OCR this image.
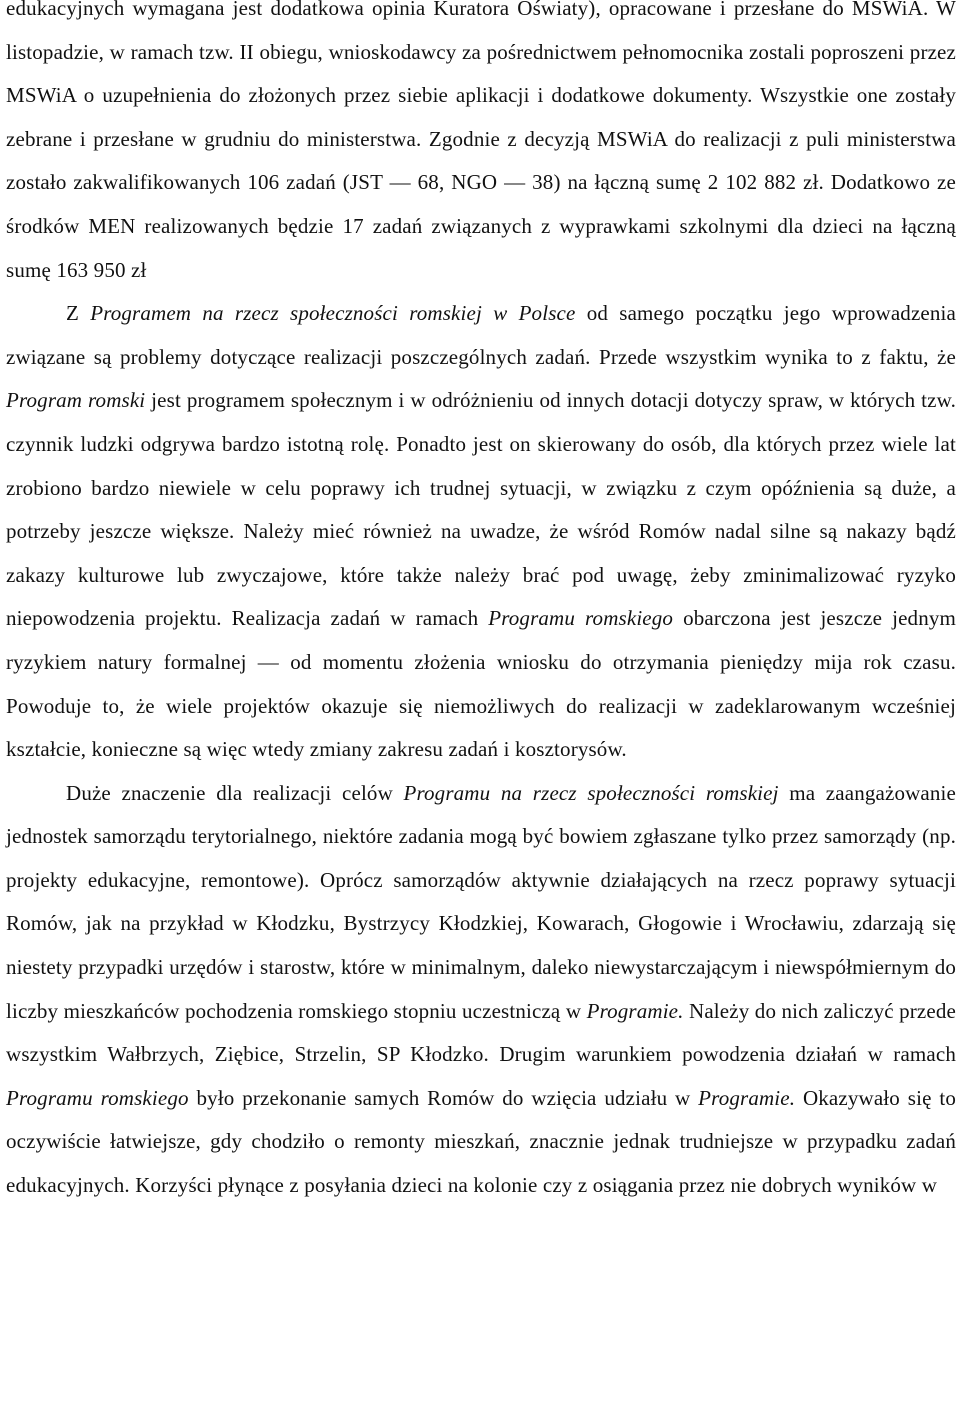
edukacyjnych wymagana jest dodatkowa opinia Kuratora Oświaty), opracowane i przesłane do MSWiA. W listopadzie, w ramach tzw. II obiegu, wnioskodawcy za pośrednictwem pełnomocnika zostali poproszeni przez MSWiA o uzupełnienia do złożonych przez siebie aplikacji i dodatkowe dokumenty. Wszystkie one zostały zebrane i przesłane w grudniu do ministerstwa. Zgodnie z decyzją MSWiA do realizacji z puli ministerstwa zostało zakwalifikowanych 106 zadań (JST — 68, NGO — 38) na łączną sumę 2 102 882 zł. Dodatkowo ze środków MEN realizowanych będzie 17 zadań związanych z wyprawkami szkolnymi dla dzieci na łączną sumę 163 950 zł

Z Programem na rzecz społeczności romskiej w Polsce od samego początku jego wprowadzenia związane są problemy dotyczące realizacji poszczególnych zadań. Przede wszystkim wynika to z faktu, że Program romski jest programem społecznym i w odróżnieniu od innych dotacji dotyczy spraw, w których tzw. czynnik ludzki odgrywa bardzo istotną rolę. Ponadto jest on skierowany do osób, dla których przez wiele lat zrobiono bardzo niewiele w celu poprawy ich trudnej sytuacji, w związku z czym opóźnienia są duże, a potrzeby jeszcze większe. Należy mieć również na uwadze, że wśród Romów nadal silne są nakazy bądź zakazy kulturowe lub zwyczajowe, które także należy brać pod uwagę, żeby zminimalizować ryzyko niepowodzenia projektu. Realizacja zadań w ramach Programu romskiego obarczona jest jeszcze jednym ryzykiem natury formalnej — od momentu złożenia wniosku do otrzymania pieniędzy mija rok czasu. Powoduje to, że wiele projektów okazuje się niemożliwych do realizacji w zadeklarowanym wcześniej kształcie, konieczne są więc wtedy zmiany zakresu zadań i kosztorysów.

Duże znaczenie dla realizacji celów Programu na rzecz społeczności romskiej ma zaangażowanie jednostek samorządu terytorialnego, niektóre zadania mogą być bowiem zgłaszane tylko przez samorządy (np. projekty edukacyjne, remontowe). Oprócz samorządów aktywnie działających na rzecz poprawy sytuacji Romów, jak na przykład w Kłodzku, Bystrzycy Kłodzkiej, Kowarach, Głogowie i Wrocławiu, zdarzają się niestety przypadki urzędów i starostw, które w minimalnym, daleko niewystarczającym i niewspółmiernym do liczby mieszkańców pochodzenia romskiego stopniu uczestniczą w Programie. Należy do nich zaliczyć przede wszystkim Wałbrzych, Ziębice, Strzelin, SP Kłodzko. Drugim warunkiem powodzenia działań w ramach Programu romskiego było przekonanie samych Romów do wzięcia udziału w Programie. Okazywało się to oczywiście łatwiejsze, gdy chodziło o remonty mieszkań, znacznie jednak trudniejsze w przypadku zadań edukacyjnych. Korzyści płynące z posyłania dzieci na kolonie czy z osiągania przez nie dobrych wyników w
